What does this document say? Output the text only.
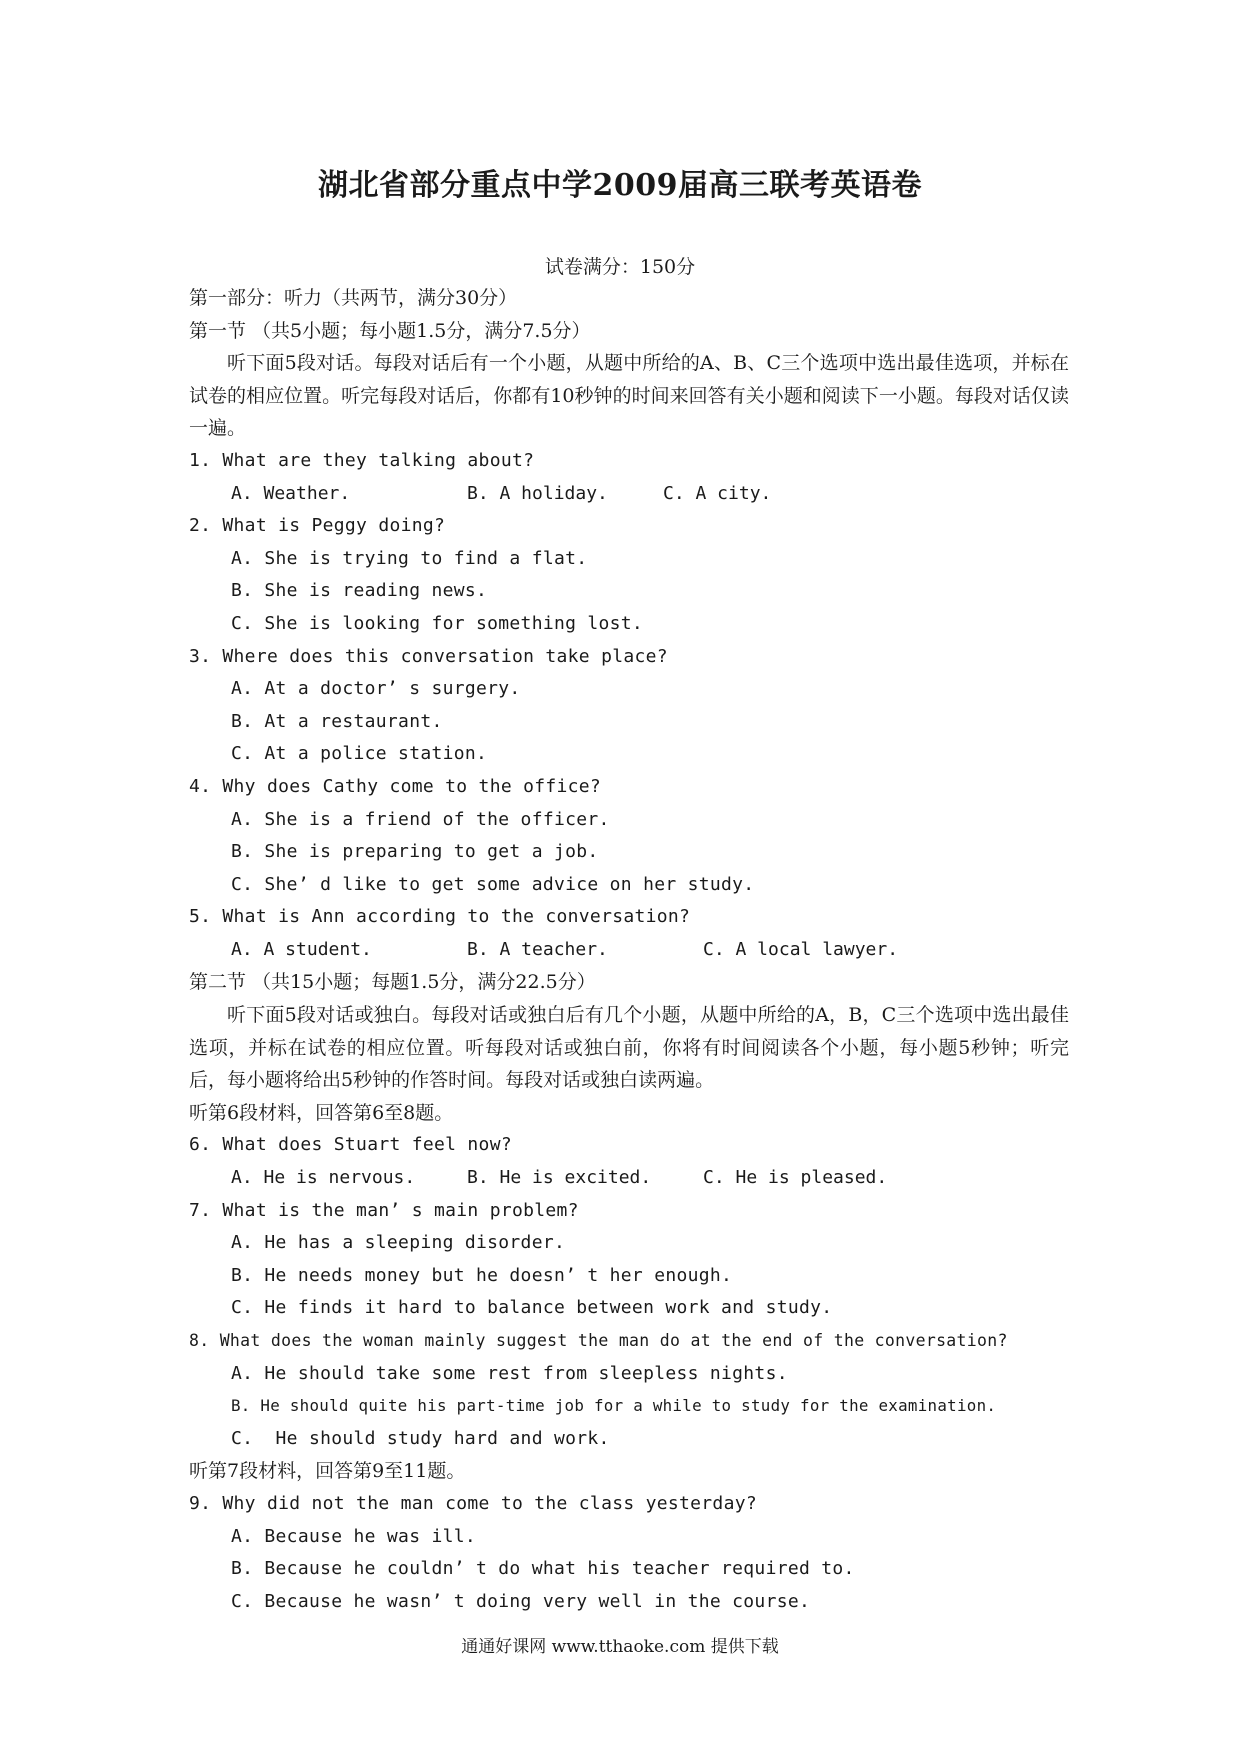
湖北省部分重点中学2009届高三联考英语卷
试卷满分：150分
第一部分：听力（共两节，满分30分）
第一节 （共5小题；每小题1.5分，满分7.5分）
听下面5段对话。每段对话后有一个小题，从题中所给的A、B、C三个选项中选出最佳选项，并标在试卷的相应位置。听完每段对话后，你都有10秒钟的时间来回答有关小题和阅读下一小题。每段对话仅读一遍。
1. What are they talking about?
A. Weather.	B. A holiday.	C. A city.
2. What is Peggy doing?
A. She is trying to find a flat.
B. She is reading news.
C. She is looking for something lost.
3. Where does this conversation take place?
A. At a doctor’ s surgery.
B. At a restaurant.
C. At a police station.
4. Why does Cathy come to the office?
A. She is a friend of the officer.
B. She is preparing to get a job.
C. She’ d like to get some advice on her study.
5. What is Ann according to the conversation?
A. A student.	B. A teacher.	C. A local lawyer.
第二节 （共15小题；每题1.5分，满分22.5分）
听下面5段对话或独白。每段对话或独白后有几个小题，从题中所给的A，B，C三个选项中选出最佳选项，并标在试卷的相应位置。听每段对话或独白前，你将有时间阅读各个小题，每小题5秒钟；听完后，每小题将给出5秒钟的作答时间。每段对话或独白读两遍。
听第6段材料，回答第6至8题。
6. What does Stuart feel now?
A. He is nervous.	B. He is excited.	C. He is pleased.
7. What is the man’ s main problem?
A. He has a sleeping disorder.
B. He needs money but he doesn’ t her enough.
C. He finds it hard to balance between work and study.
8. What does the woman mainly suggest the man do at the end of the conversation?
A. He should take some rest from sleepless nights.
B. He should quite his part-time job for a while to study for the examination.
C.  He should study hard and work.
听第7段材料，回答第9至11题。
9. Why did not the man come to the class yesterday?
A. Because he was ill.
B. Because he couldn’ t do what his teacher required to.
C. Because he wasn’ t doing very well in the course.
通通好课网 www.tthaoke.com 提供下载
